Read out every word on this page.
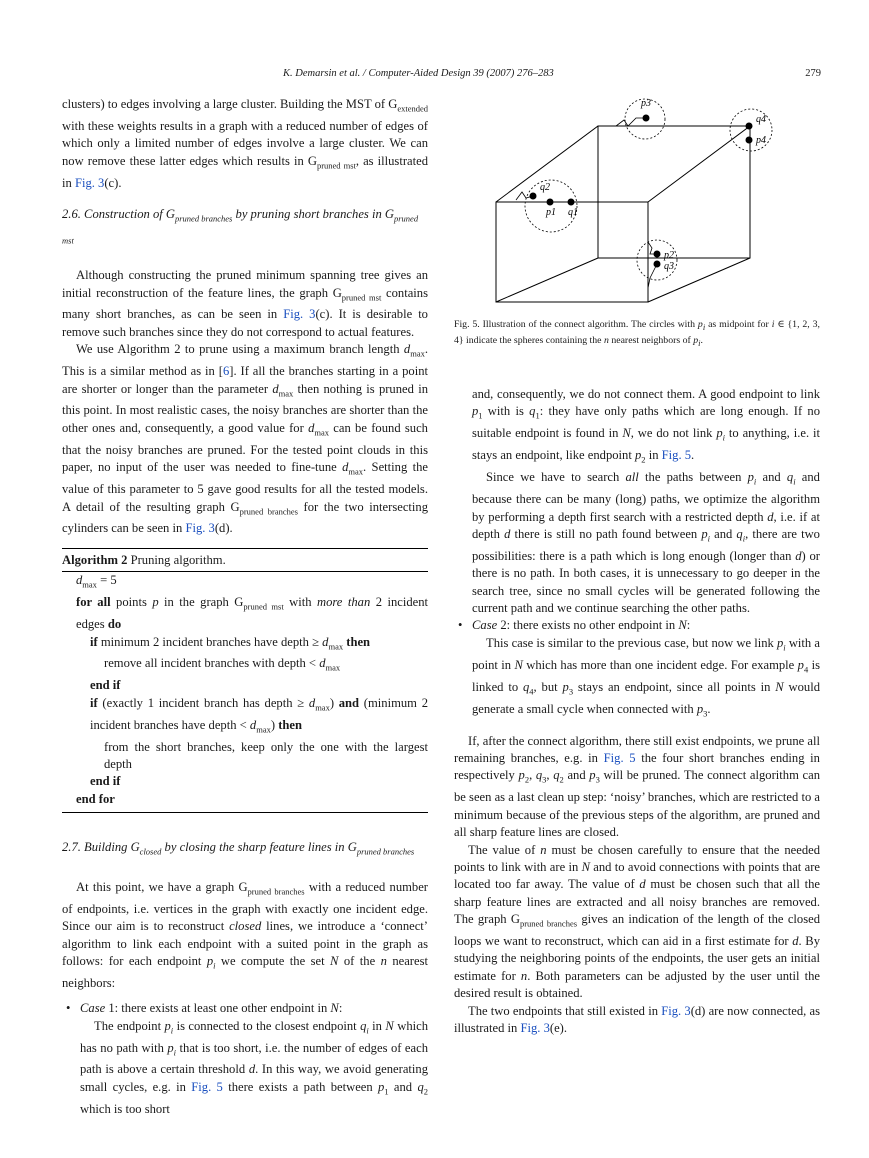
K. Demarsin et al. / Computer-Aided Design 39 (2007) 276–283	279

clusters) to edges involving a large cluster. Building the MST of $G_{extended}$ with these weights results in a graph with a reduced number of edges of which only a limited number of edges involve a large cluster. We can now remove these latter edges which results in $G_{pruned mst}$, as illustrated in Fig. 3(c).

2.6. Construction of $G_{pruned branches}$ by pruning short branches in $G_{pruned mst}$

Although constructing the pruned minimum spanning tree gives an initial reconstruction of the feature lines, the graph $G_{pruned mst}$ contains many short branches, as can be seen in Fig. 3(c). It is desirable to remove such branches since they do not correspond to actual features.

We use Algorithm 2 to prune using a maximum branch length $d_{max}$. This is a similar method as in [6]. If all the branches starting in a point are shorter or longer than the parameter $d_{max}$ then nothing is pruned in this point. In most realistic cases, the noisy branches are shorter than the other ones and, consequently, a good value for $d_{max}$ can be found such that the noisy branches are pruned. For the tested point clouds in this paper, no input of the user was needed to fine-tune $d_{max}$. Setting the value of this parameter to 5 gave good results for all the tested models. A detail of the resulting graph $G_{pruned branches}$ for the two intersecting cylinders can be seen in Fig. 3(d).

Algorithm 2 Pruning algorithm.
$d_{max} = 5$
for all points p in the graph $G_{pruned mst}$ with more than 2 incident edges do
if minimum 2 incident branches have depth ≥ $d_{max}$ then
remove all incident branches with depth < $d_{max}$
end if
if (exactly 1 incident branch has depth ≥ $d_{max}$) and (minimum 2 incident branches have depth < $d_{max}$) then
from the short branches, keep only the one with the largest depth
end if
end for
2.7. Building $G_{closed}$ by closing the sharp feature lines in $G_{pruned branches}$

At this point, we have a graph $G_{pruned branches}$ with a reduced number of endpoints, i.e. vertices in the graph with exactly one incident edge. Since our aim is to reconstruct closed lines, we introduce a ‘connect’ algorithm to link each endpoint with a suited point in the graph as follows: for each endpoint $p_i$ we compute the set N of the n nearest neighbors:

• Case 1: there exists at least one other endpoint in N:

The endpoint $p_i$ is connected to the closest endpoint $q_i$ in N which has no path with $p_i$ that is too short, i.e. the number of edges of each path is above a certain threshold d. In this way, we avoid generating small cycles, e.g. in Fig. 5 there exists a path between $p_1$ and $q_2$ which is too short

p3
q4
p4
q2
p1 q1
p2
q3
Fig. 5. Illustration of the connect algorithm. The circles with $p_i$ as midpoint for i ∈ {1, 2, 3, 4} indicate the spheres containing the n nearest neighbors of $p_i$.

and, consequently, we do not connect them. A good endpoint to link $p_1$ with is $q_1$: they have only paths which are long enough. If no suitable endpoint is found in N, we do not link $p_i$ to anything, i.e. it stays an endpoint, like endpoint $p_2$ in Fig. 5.

Since we have to search all the paths between $p_i$ and $q_i$ and because there can be many (long) paths, we optimize the algorithm by performing a depth first search with a restricted depth d, i.e. if at depth d there is still no path found between $p_i$ and $q_i$, there are two possibilities: there is a path which is long enough (longer than d) or there is no path. In both cases, it is unnecessary to go deeper in the search tree, since no small cycles will be generated following the current path and we continue searching the other paths.

• Case 2: there exists no other endpoint in N:

This case is similar to the previous case, but now we link $p_i$ with a point in N which has more than one incident edge. For example $p_4$ is linked to $q_4$, but $p_3$ stays an endpoint, since all points in N would generate a small cycle when connected with $p_3$.

If, after the connect algorithm, there still exist endpoints, we prune all remaining branches, e.g. in Fig. 5 the four short branches ending in respectively $p_2$, $q_3$, $q_2$ and $p_3$ will be pruned. The connect algorithm can be seen as a last clean up step: ‘noisy’ branches, which are restricted to a minimum because of the previous steps of the algorithm, are pruned and all sharp feature lines are closed.

The value of n must be chosen carefully to ensure that the needed points to link with are in N and to avoid connections with points that are located too far away. The value of d must be chosen such that all the sharp feature lines are extracted and all noisy branches are removed. The graph $G_{pruned branches}$ gives an indication of the length of the closed loops we want to reconstruct, which can aid in a first estimate for d. By studying the neighboring points of the endpoints, the user gets an initial estimate for n. Both parameters can be adjusted by the user until the desired result is obtained.

The two endpoints that still existed in Fig. 3(d) are now connected, as illustrated in Fig. 3(e).
